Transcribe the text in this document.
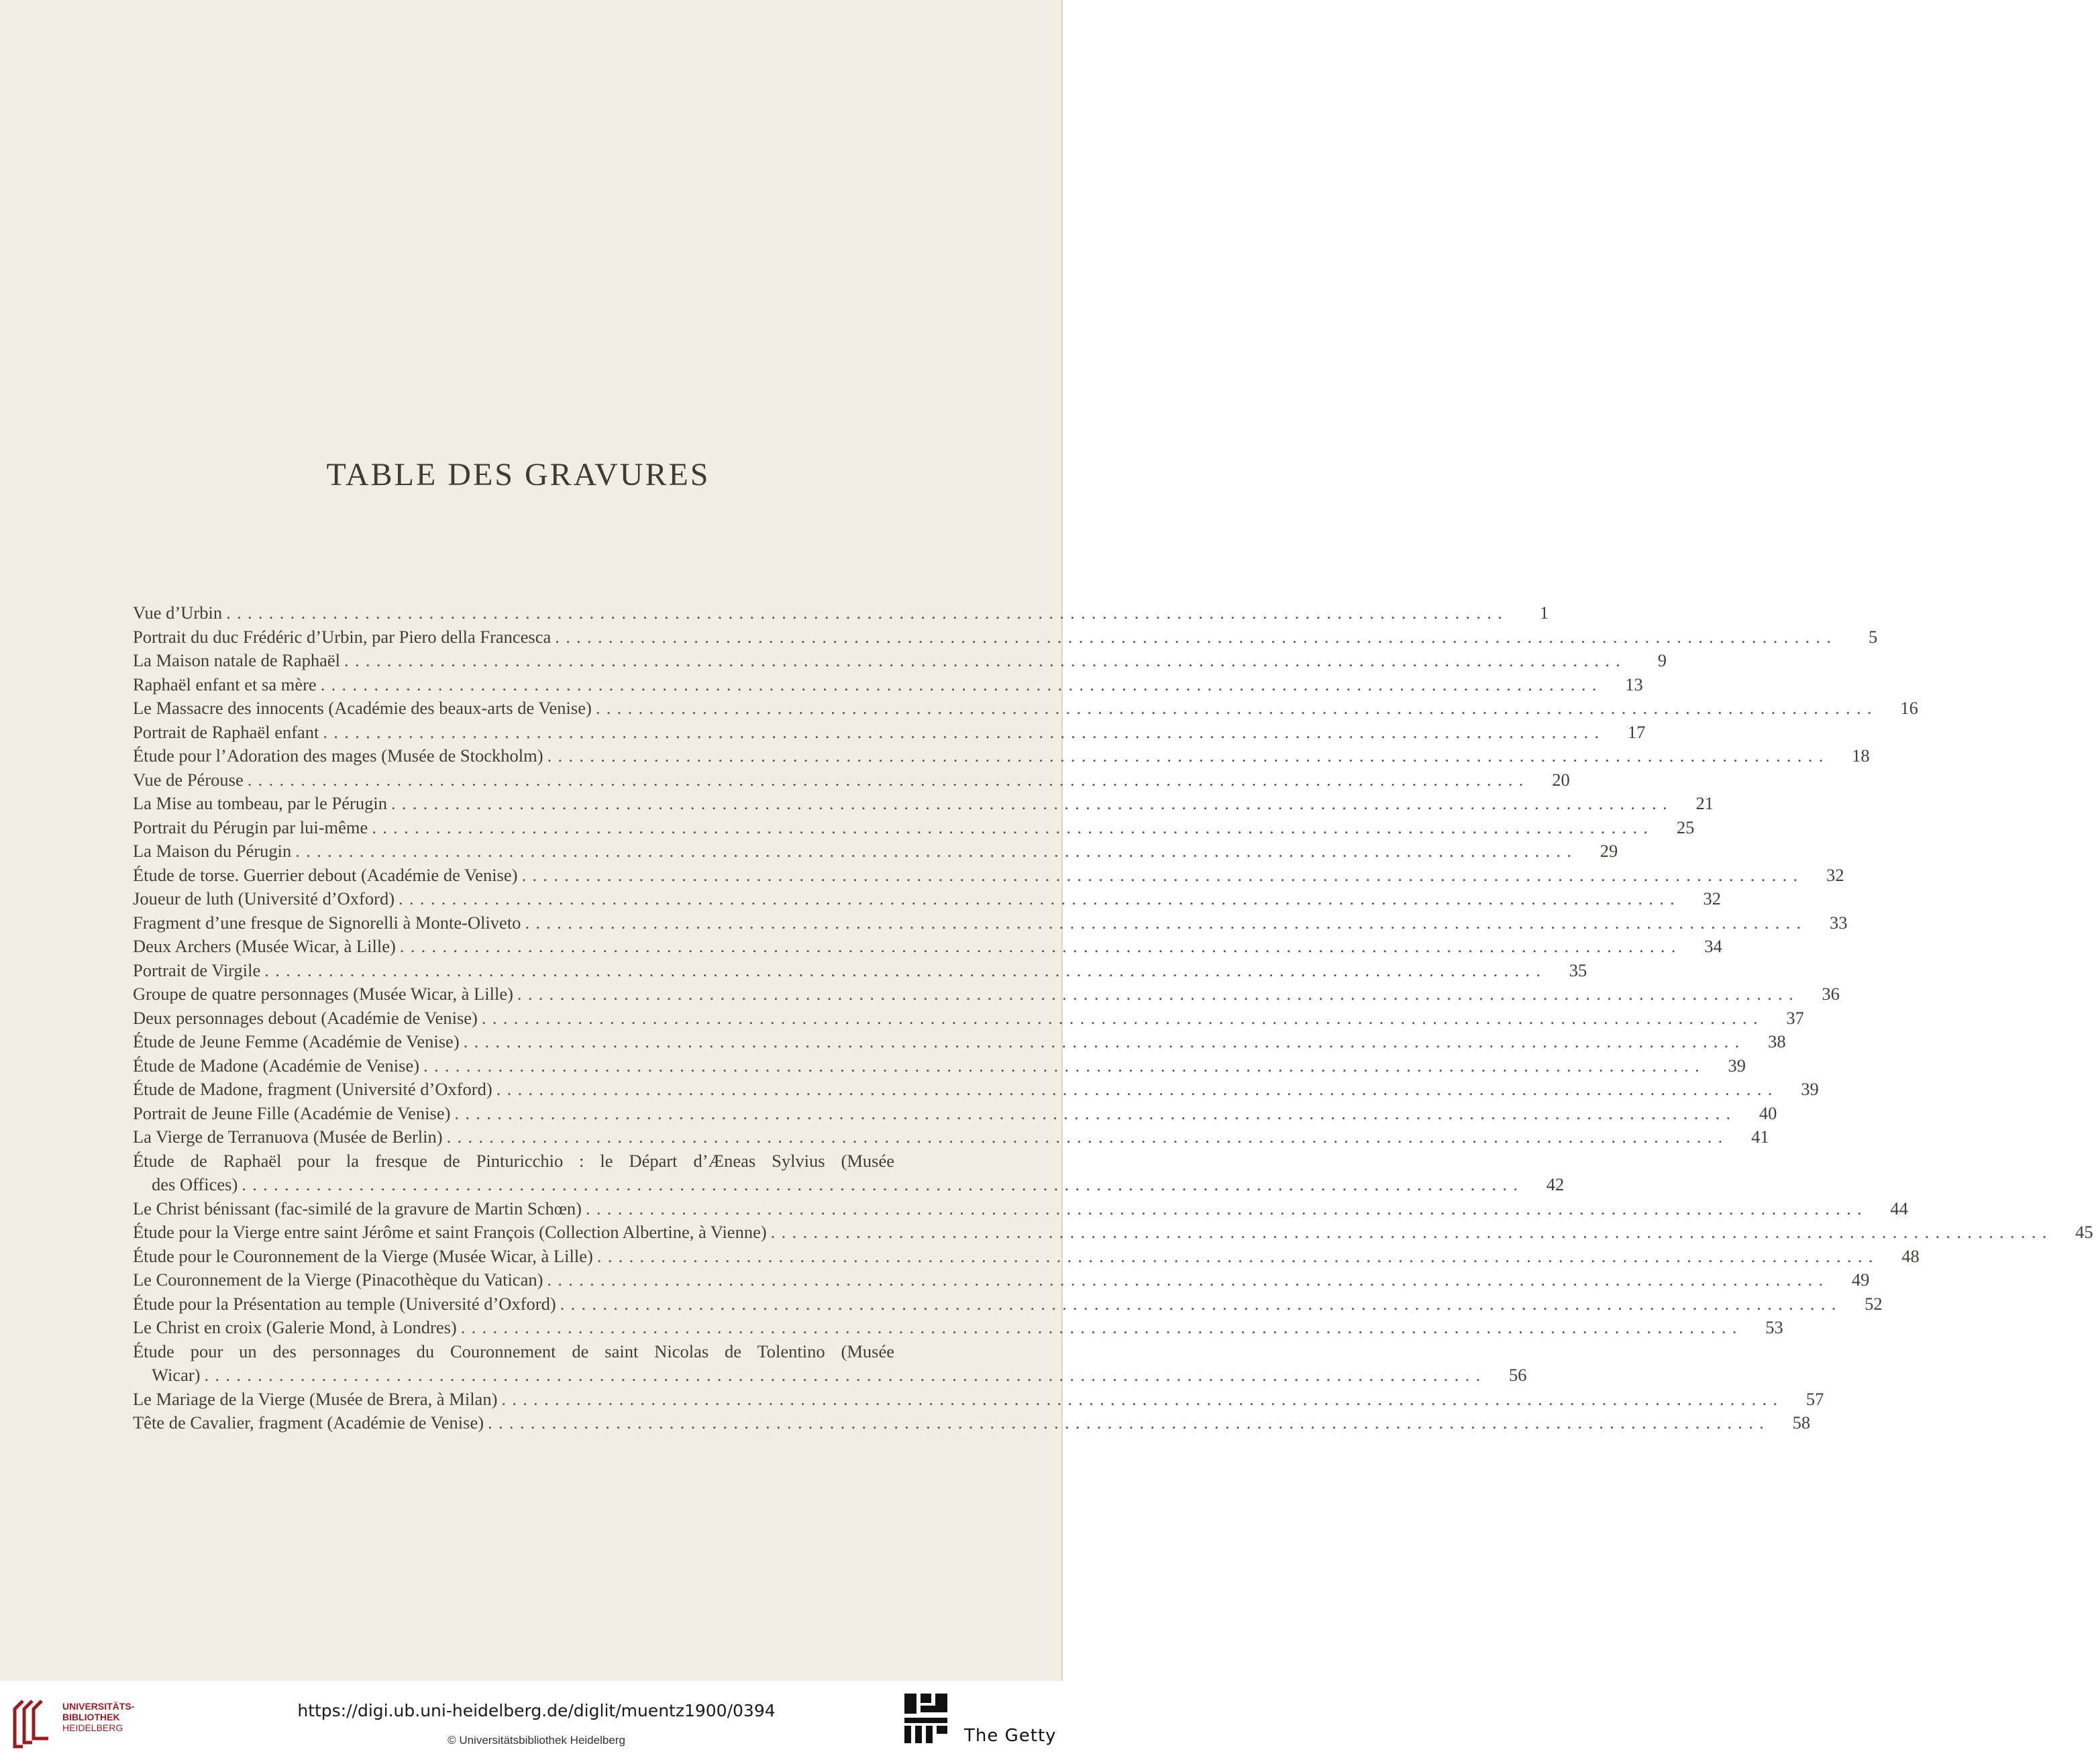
TABLE DES GRAVURES
Vue d’Urbin ........................................................................................................................	1
Portrait du duc Frédéric d’Urbin, par Piero della Francesca ........................................................................................................................	5
La Maison natale de Raphaël ........................................................................................................................	9
Raphaël enfant et sa mère ........................................................................................................................	13
Le Massacre des innocents (Académie des beaux-arts de Venise) ........................................................................................................................	16
Portrait de Raphaël enfant ........................................................................................................................	17
Étude pour l’Adoration des mages (Musée de Stockholm) ........................................................................................................................	18
Vue de Pérouse ........................................................................................................................	20
La Mise au tombeau, par le Pérugin ........................................................................................................................	21
Portrait du Pérugin par lui-même ........................................................................................................................	25
La Maison du Pérugin ........................................................................................................................	29
Étude de torse. Guerrier debout (Académie de Venise) ........................................................................................................................	32
Joueur de luth (Université d’Oxford) ........................................................................................................................	32
Fragment d’une fresque de Signorelli à Monte-Oliveto ........................................................................................................................	33
Deux Archers (Musée Wicar, à Lille) ........................................................................................................................	34
Portrait de Virgile ........................................................................................................................	35
Groupe de quatre personnages (Musée Wicar, à Lille) ........................................................................................................................	36
Deux personnages debout (Académie de Venise) ........................................................................................................................	37
Étude de Jeune Femme (Académie de Venise) ........................................................................................................................	38
Étude de Madone (Académie de Venise) ........................................................................................................................	39
Étude de Madone, fragment (Université d’Oxford) ........................................................................................................................	39
Portrait de Jeune Fille (Académie de Venise) ........................................................................................................................	40
La Vierge de Terranuova (Musée de Berlin) ........................................................................................................................	41
Étude de Raphaël pour la fresque de Pinturicchio : le Départ d’Æneas Sylvius (Musée
des Offices) ........................................................................................................................	42
Le Christ bénissant (fac-similé de la gravure de Martin Schœn) ........................................................................................................................	44
Étude pour la Vierge entre saint Jérôme et saint François (Collection Albertine, à Vienne) ........................................................................................................................	45
Étude pour le Couronnement de la Vierge (Musée Wicar, à Lille) ........................................................................................................................	48
Le Couronnement de la Vierge (Pinacothèque du Vatican) ........................................................................................................................	49
Étude pour la Présentation au temple (Université d’Oxford) ........................................................................................................................	52
Le Christ en croix (Galerie Mond, à Londres) ........................................................................................................................	53
Étude pour un des personnages du Couronnement de saint Nicolas de Tolentino (Musée
Wicar) ........................................................................................................................	56
Le Mariage de la Vierge (Musée de Brera, à Milan) ........................................................................................................................	57
Tête de Cavalier, fragment (Académie de Venise) ........................................................................................................................	58
UNIVERSITÄTS-
BIBLIOTHEK
HEIDELBERG
https://digi.ub.uni-heidelberg.de/diglit/muentz1900/0394
© Universitätsbibliothek Heidelberg	The Getty
